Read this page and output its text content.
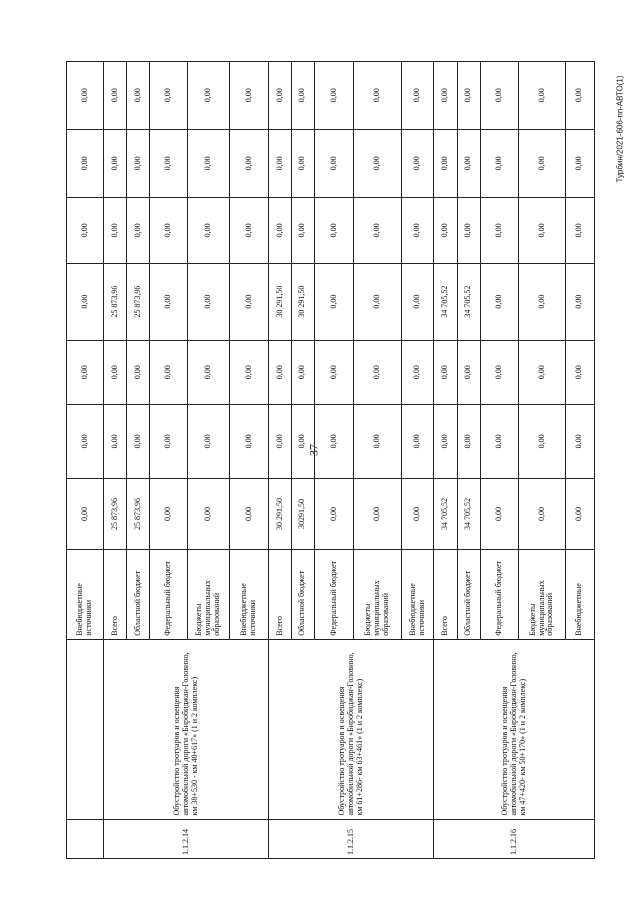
37
Турбин/2021-606-пп-АВТО(1)
		Внебюджетные источники	0,00	0,00	0,00	0,00	0,00	0,00	0,00
1.1.2.14	Обустройство тротуаров и освещения автомобильной дороги «Биробиджан-Головино, км 38+530 - км 40+617» (1 и 2 комплекс)	Всего	25 873,96	0,00	0,00	25 873,96	0,00	0,00	0,00
		Областной бюджет	25 873,96	0,00	0,00	25 873,96	0,00	0,00	0,00
		Федеральный бюджет	0,00	0,00	0,00	0,00	0,00	0,00	0,00
		Бюджеты муниципальных образований	0,00	0,00	0,00	0,00	0,00	0,00	0,00
		Внебюджетные источники	0,00	0,00	0,00	0,00	0,00	0,00	0,00
1.1.2.15	Обустройство тротуаров и освещения автомобильной дороги «Биробиджан-Головино, км 61+286- км 63+461» (1 и 2 комплекс)	Всего	30 291,50	0,00	0,00	30 291,50	0,00	0,00	0,00
		Областной бюджет	30291,50	0,00	0,00	30 291,50	0,00	0,00	0,00
		Федеральный бюджет	0,00	0,00	0,00	0,00	0,00	0,00	0,00
		Бюджеты муниципальных образований	0,00	0,00	0,00	0,00	0,00	0,00	0,00
		Внебюджетные источники	0,00	0,00	0,00	0,00	0,00	0,00	0,00
1.1.2.16	Обустройство тротуаров и освещения автомобильной дороги «Биробиджан-Головино, км 47+420- км 50+170» (1 и 2 комплекс)	Всего	34 705,52	0,00	0,00	34 705,52	0,00	0,00	0,00
		Областной бюджет	34 705,52	0,00	0,00	34 705,52	0,00	0,00	0,00
		Федеральный бюджет	0,00	0,00	0,00	0,00	0,00	0,00	0,00
		Бюджеты муниципальных образований	0,00	0,00	0,00	0,00	0,00	0,00	0,00
		Внебюджетные	0,00	0,00	0,00	0,00	0,00	0,00	0,00
